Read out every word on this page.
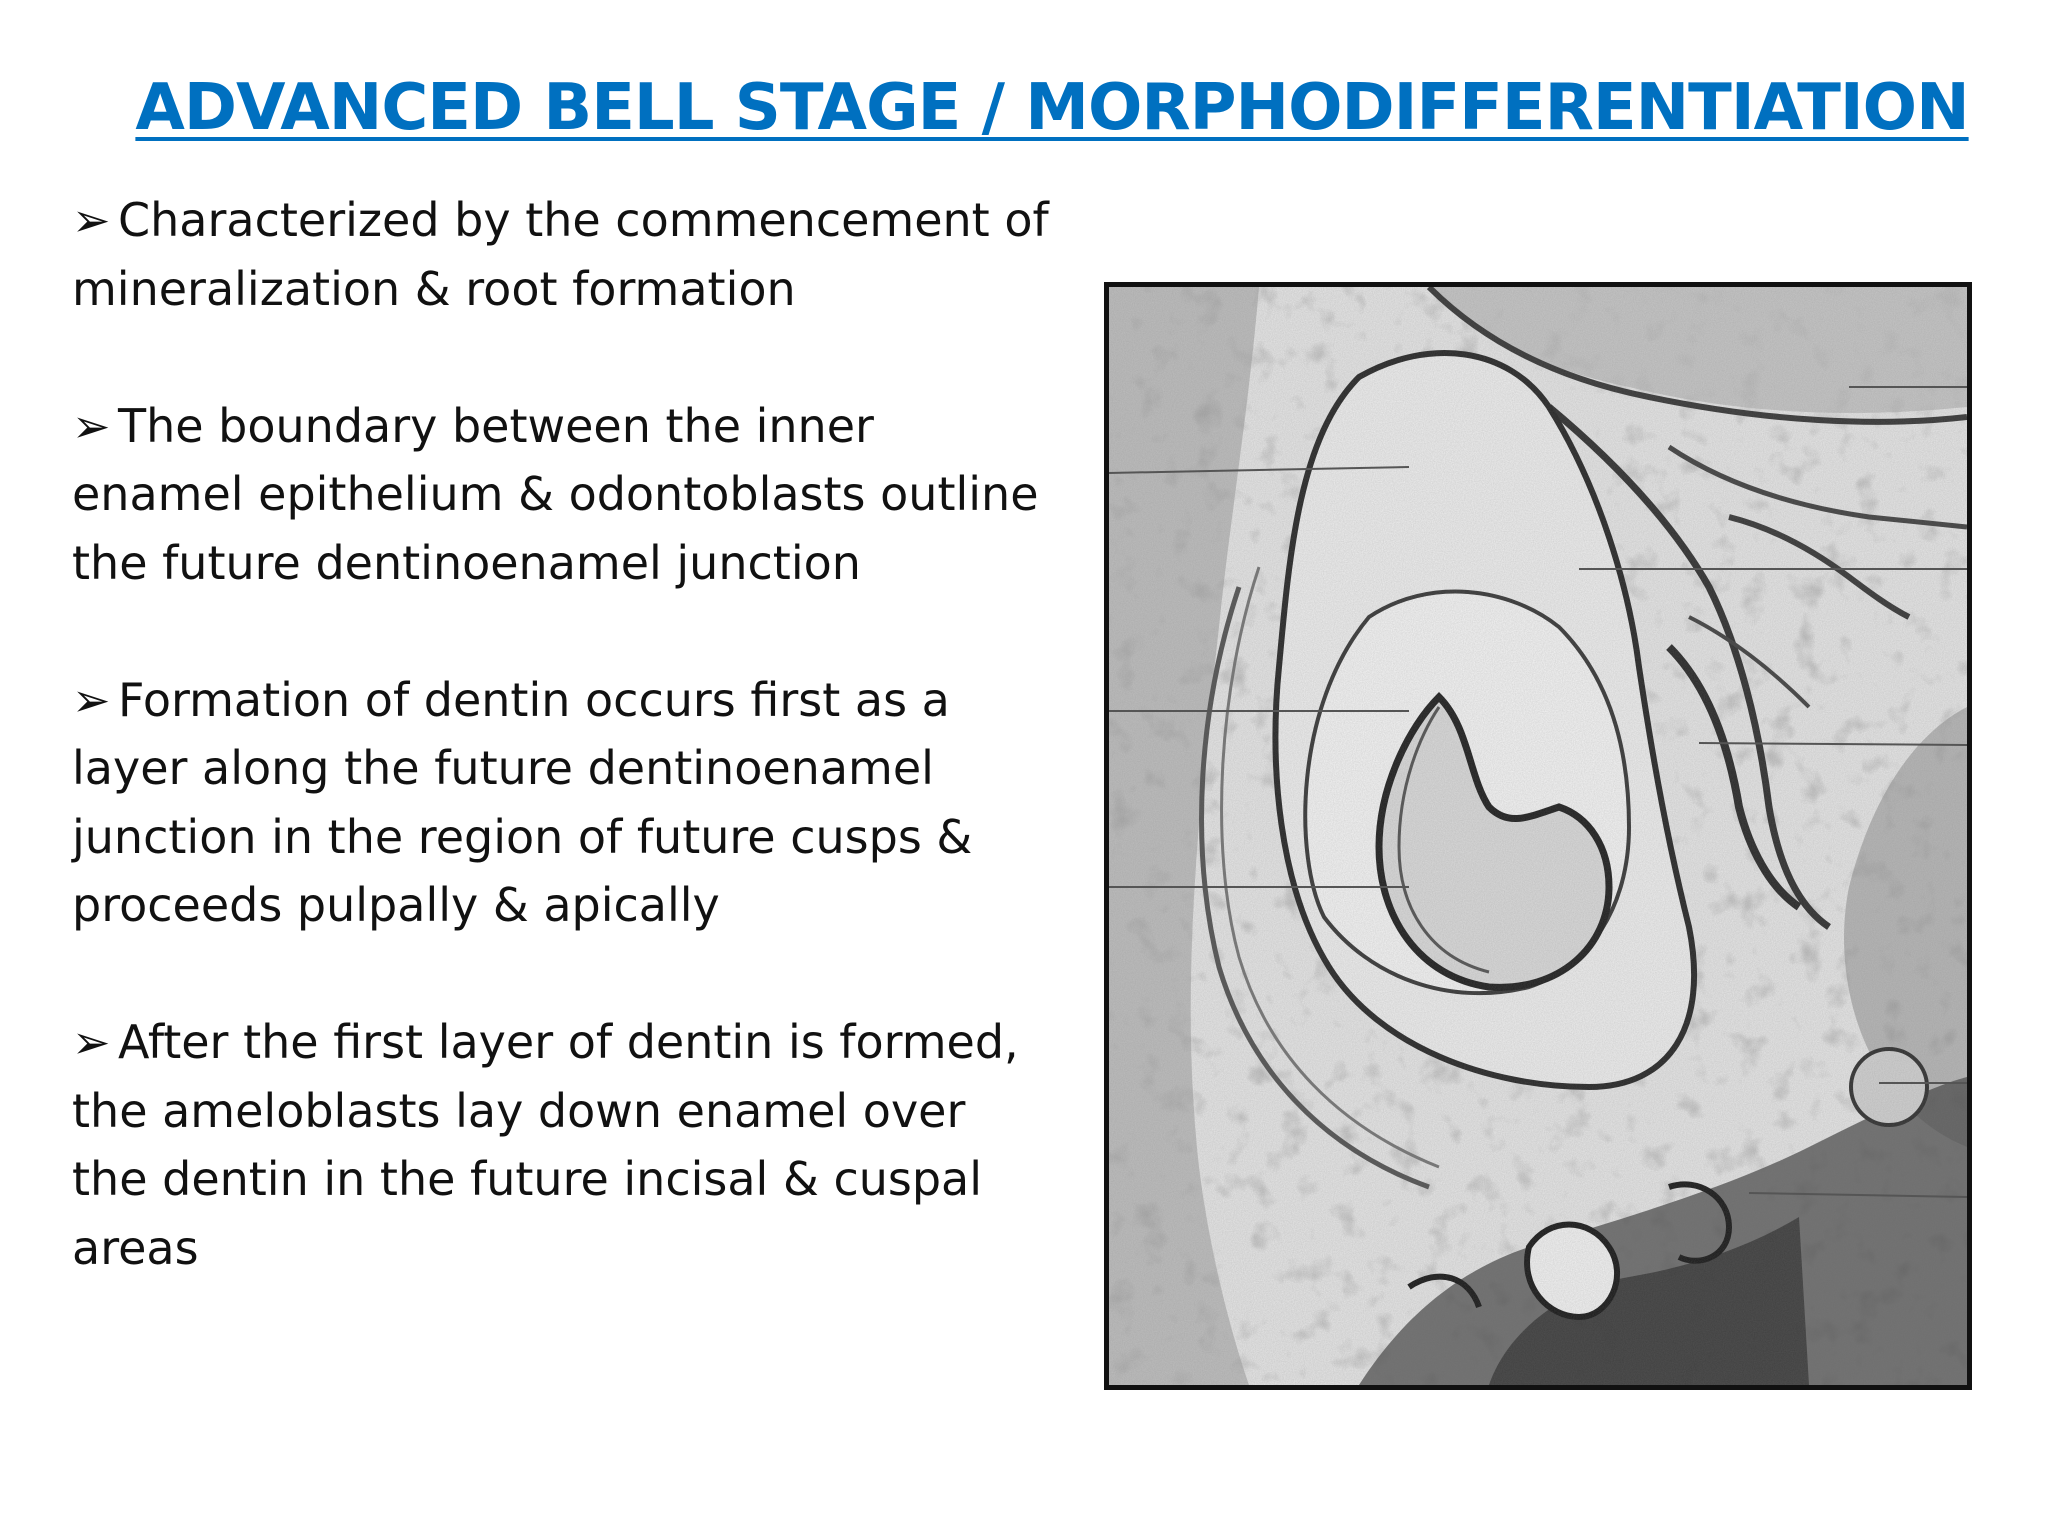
ADVANCED BELL STAGE / MORPHODIFFERENTIATION
➢ Characterized by the commencement of mineralization & root formation
➢ The boundary between the inner enamel epithelium & odontoblasts outline the future dentinoenamel junction
➢ Formation of dentin occurs first as a layer along the future dentinoenamel junction in the region of future cusps & proceeds pulpally & apically
➢ After the first layer of dentin is formed, the ameloblasts lay down enamel over the dentin in the future incisal & cuspal areas
